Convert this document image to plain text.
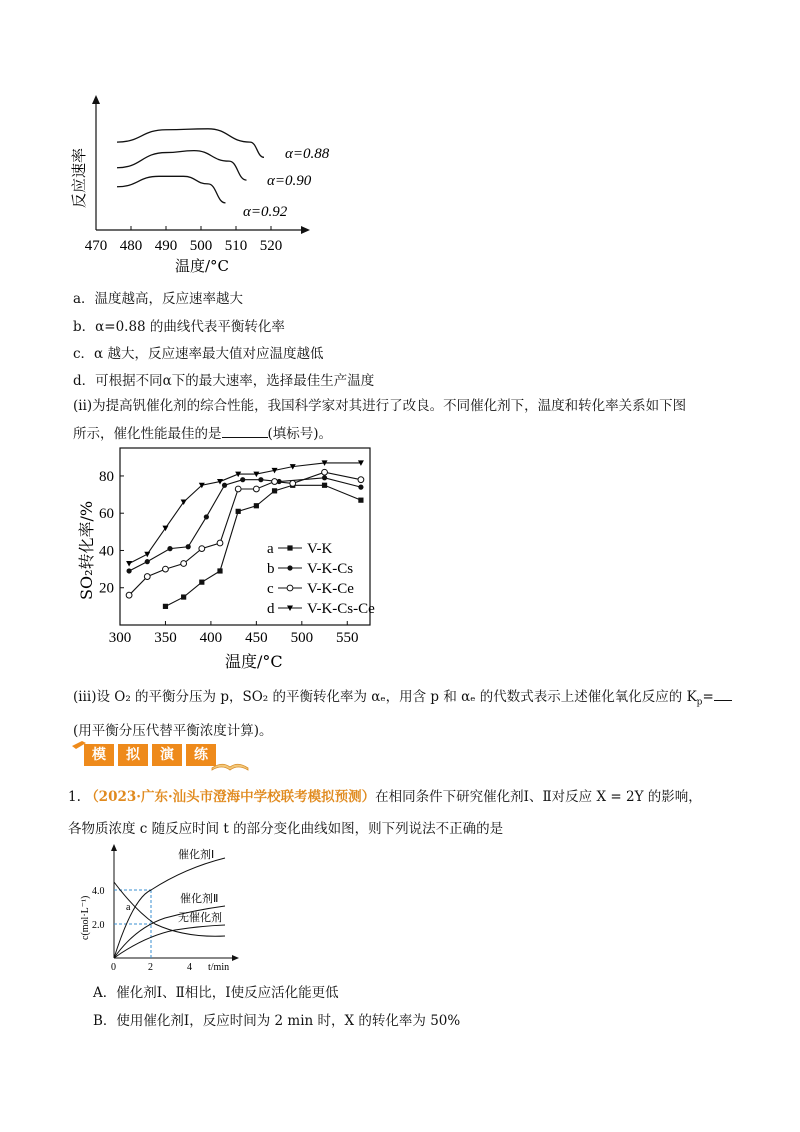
470 480 490 500 510 520
α=0.88
α=0.90
α=0.92
反应速率
温度/°C
a．温度越高，反应速率越大
b．α=0.88 的曲线代表平衡转化率
c．α 越大，反应速率最大值对应温度越低
d．可根据不同α下的最大速率，选择最佳生产温度
(ⅱ)为提高钒催化剂的综合性能，我国科学家对其进行了改良。不同催化剂下，温度和转化率关系如下图
所示，催化性能最佳的是	(填标号)。
300 350 400 450 500 550
20
40
60
80
a V-K
b V-K-Cs
c V-K-Ce
d V-K-Cs-Ce
SO₂转化率/%
温度/°C
(ⅲ)设 O₂ 的平衡分压为 p，SO₂ 的平衡转化率为 αₑ，用含 p 和 αₑ 的代数式表示上述催化氧化反应的 $K_p=$
(用平衡分压代替平衡浓度计算)。
模	拟	演	练
1. （2023·广东·汕头市澄海中学校联考模拟预测）在相同条件下研究催化剂Ⅰ、Ⅱ对反应 X = 2Y 的影响，
各物质浓度 c 随反应时间 t 的部分变化曲线如图，则下列说法不正确的是
c(mol·L⁻¹)
4.0
2.0
0	2	4 t/min
催化剂Ⅰ
催化剂Ⅱ
无催化剂
a
A．催化剂Ⅰ、Ⅱ相比，Ⅰ使反应活化能更低
B．使用催化剂Ⅰ，反应时间为 2 min 时，X 的转化率为 50%
